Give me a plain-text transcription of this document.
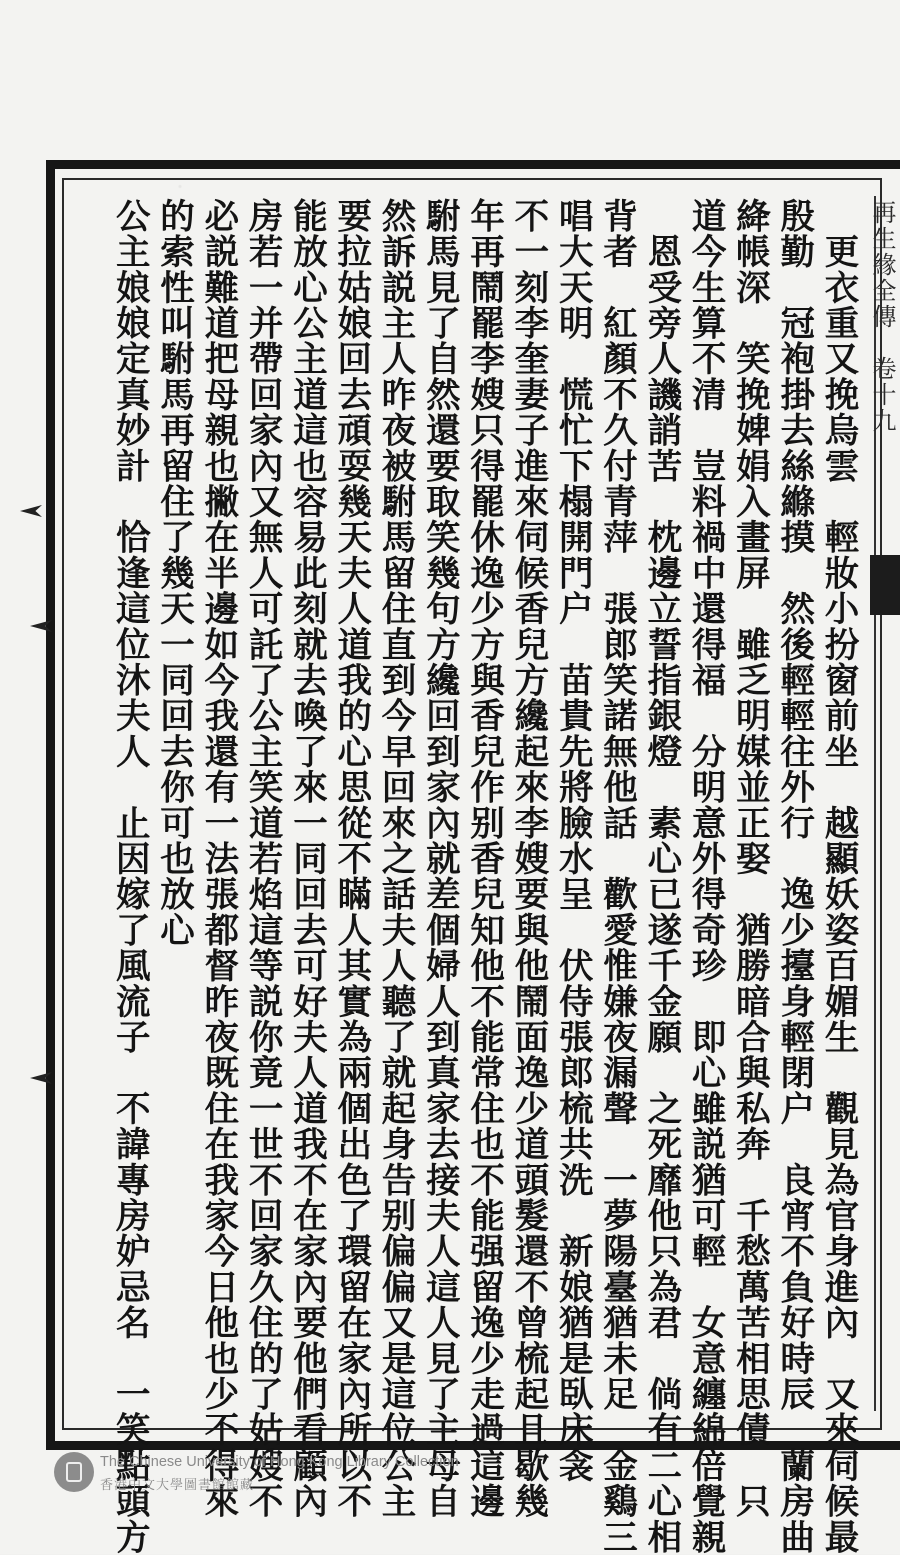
再生緣全傳　卷十九
　更衣重又挽烏雲　輕妝小扮窗前坐　越顯妖姿百媚生　觀見為官身進內　又來伺候最
殷勤　冠袍掛去絲縧摸　然後輕輕往外行　逸少擡身輕閉户　良宵不負好時辰　蘭房曲
絳帳深　笑挽婢娟入畫屏　雖乏明媒並正娶　猶勝暗合與私奔　千愁萬苦相思債　只
道今生算不清　豈料禍中還得福　分明意外得奇珍　即心雖説猶可輕　女意纏綿倍覺親
　恩受旁人譏誚苦　枕邊立誓指銀燈　素心已遂千金願　之死靡他只為君　倘有二心相
背者　紅顏不久付青萍　張郎笑諾無他話　歡愛惟嫌夜漏聲　一夢陽臺猶未足　金鷄三
唱大天明　慌忙下榻開門户　苗貴先將臉水呈　伏侍張郎梳共洗　新娘猶是臥床衾
不一刻李奎妻子進來伺候香兒方纔起來李嫂要與他鬧面逸少道頭髮還不曾梳起且歇幾
年再鬧罷李嫂只得罷休逸少方與香兒作别香兒知他不能常住也不能强留逸少走過這邊
駙馬見了自然還要取笑幾句方纔回到家內就差個婦人到真家去接夫人這人見了主母自
然訴説主人昨夜被駙馬留住直到今早回來之話夫人聽了就起身告别偏偏又是這位公主
要拉姑娘回去頑耍幾天夫人道我的心思從不瞞人其實為兩個出色了環留在家內所以不
能放心公主道這也容易此刻就去喚了來一同回去可好夫人道我不在家內要他們看顧內
房若一并帶回家內又無人可託了公主笑道若焰這等説你竟一世不回家久住的了姑嫂不
必説難道把母親也撇在半邊如今我還有一法張都督昨夜既住在我家今日他也少不得來
的索性叫駙馬再留住了幾天一同回去你可也放心
公主娘娘定真妙計　恰逢這位沐夫人　止因嫁了風流子　不諱專房妒忌名　一笑點頭方
The Chinese University of Hong Kong Library Collection
香港中文大學圖書館館藏
